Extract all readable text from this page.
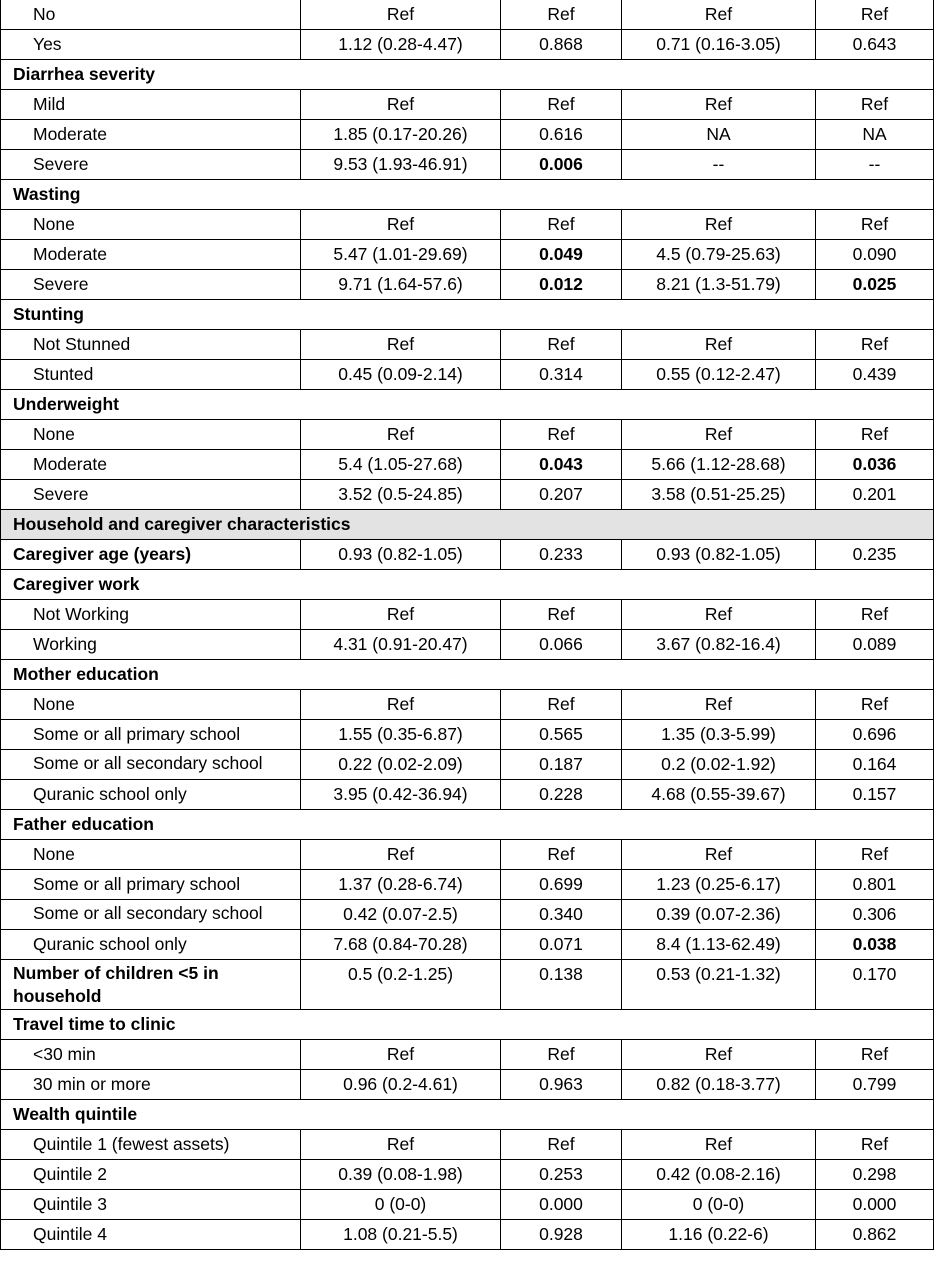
No	Ref	Ref	Ref	Ref
Yes	1.12 (0.28-4.47)	0.868	0.71 (0.16-3.05)	0.643
Diarrhea severity				
Mild	Ref	Ref	Ref	Ref
Moderate	1.85 (0.17-20.26)	0.616	NA	NA
Severe	9.53 (1.93-46.91)	0.006	--	--
Wasting				
None	Ref	Ref	Ref	Ref
Moderate	5.47 (1.01-29.69)	0.049	4.5 (0.79-25.63)	0.090
Severe	9.71 (1.64-57.6)	0.012	8.21 (1.3-51.79)	0.025
Stunting				
Not Stunned	Ref	Ref	Ref	Ref
Stunted	0.45 (0.09-2.14)	0.314	0.55 (0.12-2.47)	0.439
Underweight				
None	Ref	Ref	Ref	Ref
Moderate	5.4 (1.05-27.68)	0.043	5.66 (1.12-28.68)	0.036
Severe	3.52 (0.5-24.85)	0.207	3.58 (0.51-25.25)	0.201
Household and caregiver characteristics				
Caregiver age (years)	0.93 (0.82-1.05)	0.233	0.93 (0.82-1.05)	0.235
Caregiver work				
Not Working	Ref	Ref	Ref	Ref
Working	4.31 (0.91-20.47)	0.066	3.67 (0.82-16.4)	0.089
Mother education				
None	Ref	Ref	Ref	Ref
Some or all primary school	1.55 (0.35-6.87)	0.565	1.35 (0.3-5.99)	0.696
Some or all secondary school	0.22 (0.02-2.09)	0.187	0.2 (0.02-1.92)	0.164
Quranic school only	3.95 (0.42-36.94)	0.228	4.68 (0.55-39.67)	0.157
Father education				
None	Ref	Ref	Ref	Ref
Some or all primary school	1.37 (0.28-6.74)	0.699	1.23 (0.25-6.17)	0.801
Some or all secondary school	0.42 (0.07-2.5)	0.340	0.39 (0.07-2.36)	0.306
Quranic school only	7.68 (0.84-70.28)	0.071	8.4 (1.13-62.49)	0.038
Number of children <5 in household	0.5 (0.2-1.25)	0.138	0.53 (0.21-1.32)	0.170
Travel time to clinic				
<30 min	Ref	Ref	Ref	Ref
30 min or more	0.96 (0.2-4.61)	0.963	0.82 (0.18-3.77)	0.799
Wealth quintile				
Quintile 1 (fewest assets)	Ref	Ref	Ref	Ref
Quintile 2	0.39 (0.08-1.98)	0.253	0.42 (0.08-2.16)	0.298
Quintile 3	0 (0-0)	0.000	0 (0-0)	0.000
Quintile 4	1.08 (0.21-5.5)	0.928	1.16 (0.22-6)	0.862
